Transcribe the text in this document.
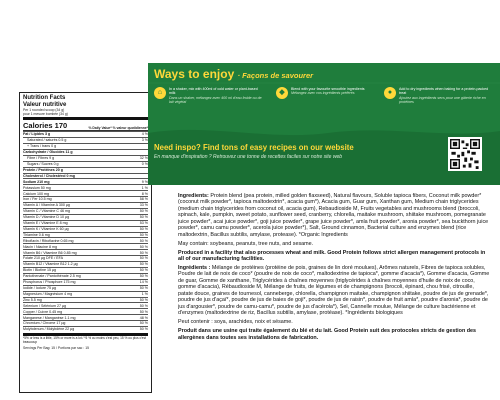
Nutrition Facts
Valeur nutritive
Per 1 rounded scoop (34 g)
pour 1 mesure bombée (34 g)
Calories 170	% Daily Value* % valeur quotidienne*
Fat / Lipides 3 g	4 %
Saturated / saturés 0.5 g	3 %
+ Trans / trans 0 g
Carbohydrate / Glucides 11 g
Fibre / Fibres 9 g	32 %
Sugars / Sucres 0 g	0 %
Protein / Protéines 20 g
Cholesterol / Cholestérol 0 mg
Sodium 210 mg	9 %
Potassium 50 mg	1 %
Calcium 100 mg	8 %
Iron / Fer 10.5 mg	58 %
Vitamin A / Vitamine A 300 µg	33 %
Vitamin C / Vitamine C 46 mg	50 %
Vitamin D / Vitamine D 10 µg	50 %
Vitamin E / Vitamine E 8 mg	53 %
Vitamin K / Vitamine K 60 µg	50 %
Thiamine 0.6 mg	50 %
Riboflavin / Riboflavine 0.65 mg	50 %
Niacin / Niacine 8 mg	50 %
Vitamin B6 / Vitamine B6 0.85 mg	50 %
Folate 210 µg DFE / ÉFA	50 %
Vitamin B12 / Vitamine B12 1.2 µg	50 %
Biotin / Biotine 15 µg	50 %
Pantothenate / Pantothénate 2.5 mg	50 %
Phosphorus / Phosphore 175 mg	14 %
Iodide / Iodure 75 µg	50 %
Magnesium / Magnésium 4 mg	1 %
Zinc 5.5 mg	50 %
Selenium / Sélénium 27 µg	50 %
Copper / Cuivre 0.45 mg	50 %
Manganese / Manganèse 1.1 mg	48 %
Chromium / Chrome 17 µg	50 %
Molybdenum / Molybdène 22 µg	50 %
*5% or less is a little, 15% or more is a lot / *5 % ou moins c'est peu, 15 % ou plus c'est beaucoup
Servings Per Bag: 15 / Portions par sac : 15
Ways to enjoy · Façons de savourer
⌂	In a shaker, mix with 400ml of cold water or plant-based milk
Dans un shaker, mélangez avec 400 ml d'eau froide ou de lait végétal
◆	Blend with your favourite smoothie ingredients
Mélangez avec vos ingrédients préférés	●	Add to dry ingredients when baking for a protein-packed treat
Ajoutez aux ingrédients secs pour une gâterie riche en protéines
Need inspo? Find tons of easy recipes on our website
En manque d'inspiration ? Retrouvez une tonne de recettes faciles sur notre site web

Ingredients: Protein blend (pea protein, milled golden flaxseed), Natural flavours, Soluble tapioca fibers, Coconut milk powder* (coconut milk powder*, tapioca maltodextrin*, acacia gum*), Acacia gum, Guar gum, Xanthan gum, Medium chain triglycerides (medium chain triglycerides from coconut oil, acacia gum), Rebaudioside M, Fruits vegetables and mushrooms blend (broccoli, spinach, kale, pumpkin, sweet potato, sunflower seed, cranberry, chlorella, maitake mushroom, shiitake mushroom, pomegranate juice powder*, acai juice powder*, goji juice powder*, grape juice powder*, amla fruit powder*, aronia powder*, sea buckthorn juice powder*, camu camu powder*, acerola juice powder*), Salt, Ground cinnamon, Bacterial culture and enzymes blend (rice maltodextrin, Bacillus subtilis, amylase, protease). *Organic Ingredients

May contain: soybeans, peanuts, tree nuts, and sesame.

Produced in a facility that also processes wheat and milk. Good Protein follows strict allergen management protocols in all of our manufacturing facilities.

Ingrédients : Mélange de protéines (protéine de pois, graines de lin doré moulues), Arômes naturels, Fibres de tapioca solubles, Poudre de lait de noix de coco* (poudre de noix de coco*, maltodextrine de tapioca*, gomme d'acacia*), Gomme d'acacia, Gomme de guar, Gomme de xanthane, Triglycérides à chaînes moyennes (triglycérides à chaînes moyennes d'huile de noix de coco, gomme d'acacia), Rébaudioside M, Mélange de fruits, de légumes et de champignons (brocoli, épinard, chou frisé, citrouille, patate douce, graines de tournesol, canneberge, chlorella, champignon maitake, champignon shiitake, poudre de jus de grenade*, poudre de jus d'açaï*, poudre de jus de baies de goji*, poudre de jus de raisin*, poudre de fruit amla*, poudre d'aronia*, poudre de jus d'argousier*, poudre de camu-camu*, poudre de jus d'acérola*), Sel, Cannelle moulue, Mélange de culture bactérienne et d'enzymes (maltodextrine de riz, Bacillus subtilis, amylase, protéase). *Ingrédients biologiques

Peut contenir : soya, arachides, noix et sésame.

Produit dans une usine qui traite également du blé et du lait. Good Protein suit des protocoles stricts de gestion des allergènes dans toutes ses installations de fabrication.
